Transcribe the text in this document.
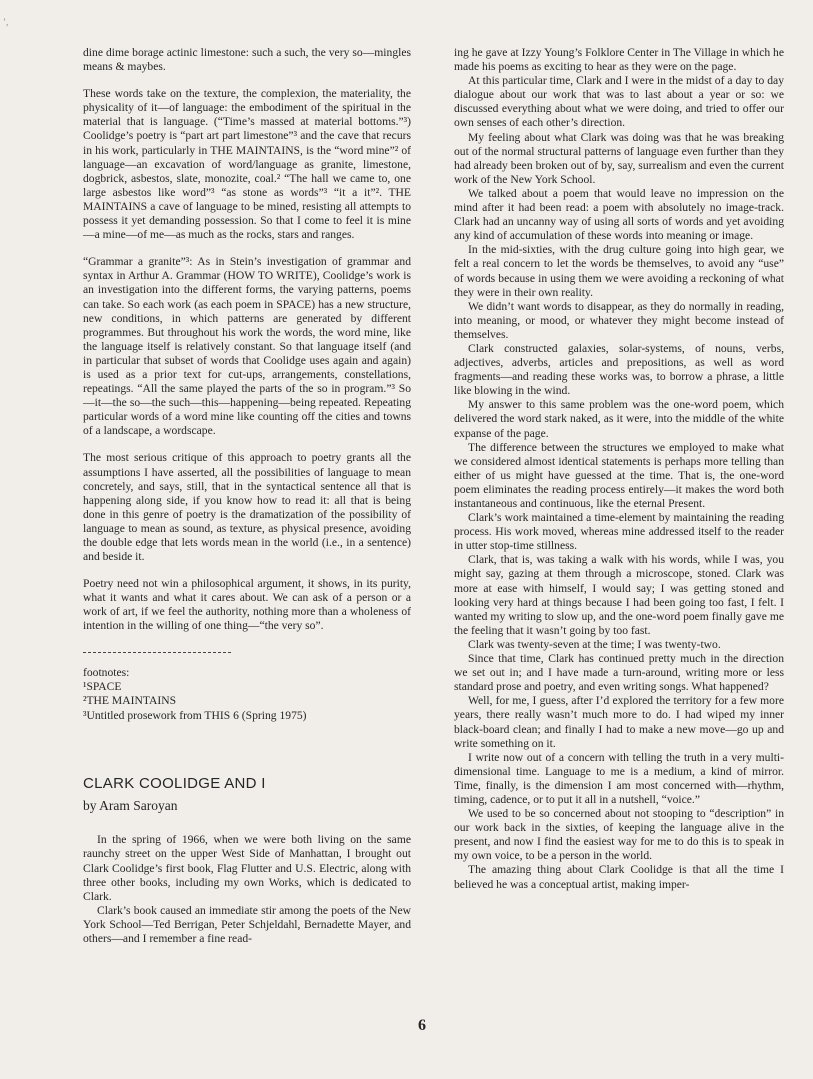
ʼ,

dine dime borage actinic limestone: such a such, the very so—mingles means & maybes.

These words take on the texture, the complexion, the materiality, the physicality of it—of language: the embodiment of the spiritual in the material that is language. (“Time’s massed at material bottoms.”³) Coolidge’s poetry is “part art part limestone”³ and the cave that recurs in his work, particularly in THE MAINTAINS, is the “word mine”² of language—an excavation of word/language as granite, limestone, dogbrick, asbestos, slate, monozite, coal.² “The hall we came to, one large asbestos like word”³ “as stone as words”³ “it a it”². THE MAINTAINS a cave of language to be mined, resisting all attempts to possess it yet demanding possession. So that I come to feel it is mine—a mine—of me—as much as the rocks, stars and ranges.

“Grammar a granite”³: As in Stein’s investigation of grammar and syntax in Arthur A. Grammar (HOW TO WRITE), Coolidge’s work is an investigation into the different forms, the varying patterns, poems can take. So each work (as each poem in SPACE) has a new structure, new conditions, in which patterns are generated by different programmes. But throughout his work the words, the word mine, like the language itself is relatively constant. So that language itself (and in particular that subset of words that Coolidge uses again and again) is used as a prior text for cut-ups, arrangements, constellations, repeatings. “All the same played the parts of the so in program.”³ So—it—the so—the such—this—happening—being repeated. Repeating particular words of a word mine like counting off the cities and towns of a landscape, a wordscape.

The most serious critique of this approach to poetry grants all the assumptions I have asserted, all the possibilities of language to mean concretely, and says, still, that in the syntactical sentence all that is happening along side, if you know how to read it: all that is being done in this genre of poetry is the dramatization of the possibility of language to mean as sound, as texture, as physical presence, avoiding the double edge that lets words mean in the world (i.e., in a sentence) and beside it.

Poetry need not win a philosophical argument, it shows, in its purity, what it wants and what it cares about. We can ask of a person or a work of art, if we feel the authority, nothing more than a wholeness of intention in the willing of one thing—“the very so”.

footnotes:
¹SPACE
²THE MAINTAINS
³Untitled prosework from THIS 6 (Spring 1975)
CLARK COOLIDGE AND I
by Aram Saroyan

In the spring of 1966, when we were both living on the same raunchy street on the upper West Side of Manhattan, I brought out Clark Coolidge’s first book, Flag Flutter and U.S. Electric, along with three other books, including my own Works, which is dedicated to Clark.

Clark’s book caused an immediate stir among the poets of the New York School—Ted Berrigan, Peter Schjeldahl, Bernadette Mayer, and others—and I remember a fine read-

ing he gave at Izzy Young’s Folklore Center in The Village in which he made his poems as exciting to hear as they were on the page.

At this particular time, Clark and I were in the midst of a day to day dialogue about our work that was to last about a year or so: we discussed everything about what we were doing, and tried to offer our own senses of each other’s direction.

My feeling about what Clark was doing was that he was breaking out of the normal structural patterns of language even further than they had already been broken out of by, say, surrealism and even the current work of the New York School.

We talked about a poem that would leave no impression on the mind after it had been read: a poem with absolutely no image-track. Clark had an uncanny way of using all sorts of words and yet avoiding any kind of accumulation of these words into meaning or image.

In the mid-sixties, with the drug culture going into high gear, we felt a real concern to let the words be themselves, to avoid any “use” of words because in using them we were avoiding a reckoning of what they were in their own reality.

We didn’t want words to disappear, as they do normally in reading, into meaning, or mood, or whatever they might become instead of themselves.

Clark constructed galaxies, solar-systems, of nouns, verbs, adjectives, adverbs, articles and prepositions, as well as word fragments—and reading these works was, to borrow a phrase, a little like blowing in the wind.

My answer to this same problem was the one-word poem, which delivered the word stark naked, as it were, into the middle of the white expanse of the page.

The difference between the structures we employed to make what we considered almost identical statements is perhaps more telling than either of us might have guessed at the time. That is, the one-word poem eliminates the reading process entirely—it makes the word both instantaneous and continuous, like the eternal Present.

Clark’s work maintained a time-element by maintaining the reading process. His work moved, whereas mine addressed itself to the reader in utter stop-time stillness.

Clark, that is, was taking a walk with his words, while I was, you might say, gazing at them through a microscope, stoned. Clark was more at ease with himself, I would say; I was getting stoned and looking very hard at things because I had been going too fast, I felt. I wanted my writing to slow up, and the one-word poem finally gave me the feeling that it wasn’t going by too fast.

Clark was twenty-seven at the time; I was twenty-two.

Since that time, Clark has continued pretty much in the direction we set out in; and I have made a turn-around, writing more or less standard prose and poetry, and even writing songs. What happened?

Well, for me, I guess, after I’d explored the territory for a few more years, there really wasn’t much more to do. I had wiped my inner black-board clean; and finally I had to make a new move—go up and write something on it.

I write now out of a concern with telling the truth in a very multi-dimensional time. Language to me is a medium, a kind of mirror. Time, finally, is the dimension I am most concerned with—rhythm, timing, cadence, or to put it all in a nutshell, “voice.”

We used to be so concerned about not stooping to “description” in our work back in the sixties, of keeping the language alive in the present, and now I find the easiest way for me to do this is to speak in my own voice, to be a person in the world.

The amazing thing about Clark Coolidge is that all the time I believed he was a conceptual artist, making imper-

6
